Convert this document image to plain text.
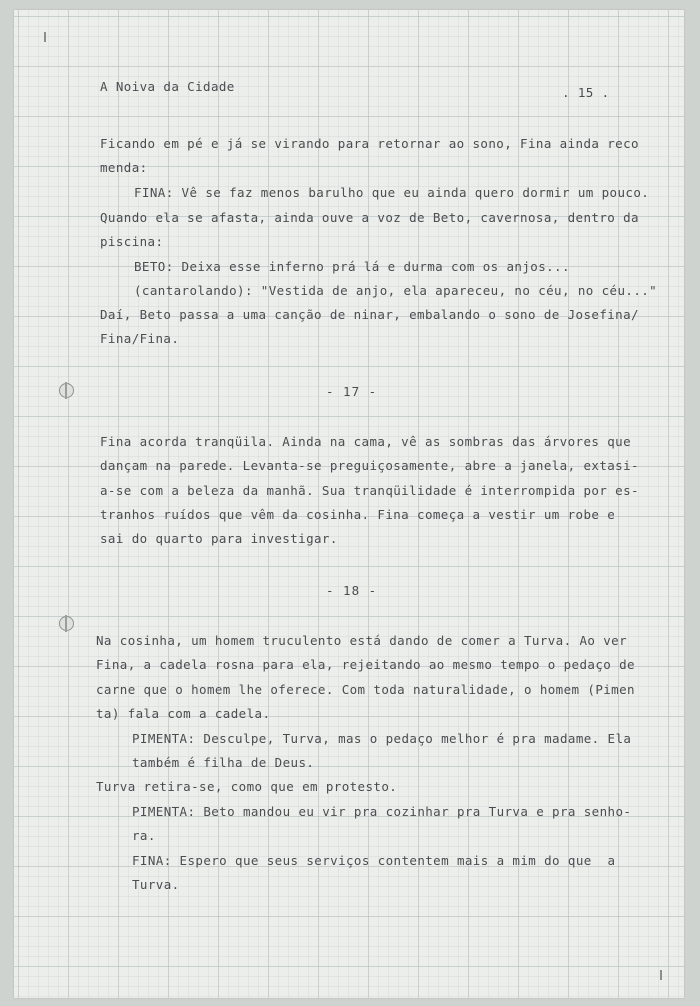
A Noiva da Cidade	. 15 .
Ficando em pé e já se virando para retornar ao sono, Fina ainda reco
menda:
FINA: Vê se faz menos barulho que eu ainda quero dormir um pouco.
Quando ela se afasta, ainda ouve a voz de Beto, cavernosa, dentro da
piscina:
BETO: Deixa esse inferno prá lá e durma com os anjos...
(cantarolando): "Vestida de anjo, ela apareceu, no céu, no céu..."
Daí, Beto passa a uma canção de ninar, embalando o sono de Josefina/
Fina/Fina.
- 17 -
Fina acorda tranqüila. Ainda na cama, vê as sombras das árvores que
dançam na parede. Levanta-se preguiçosamente, abre a janela, extasi-
a-se com a beleza da manhã. Sua tranqüilidade é interrompida por es-
tranhos ruídos que vêm da cosinha. Fina começa a vestir um robe e
sai do quarto para investigar.
- 18 -
Na cosinha, um homem truculento está dando de comer a Turva. Ao ver
Fina, a cadela rosna para ela, rejeitando ao mesmo tempo o pedaço de
carne que o homem lhe oferece. Com toda naturalidade, o homem (Pimen
ta) fala com a cadela.
PIMENTA: Desculpe, Turva, mas o pedaço melhor é pra madame. Ela
também é filha de Deus.
Turva retira-se, como que em protesto.
PIMENTA: Beto mandou eu vir pra cozinhar pra Turva e pra senho-
ra.
FINA: Espero que seus serviços contentem mais a mim do que  a
Turva.
